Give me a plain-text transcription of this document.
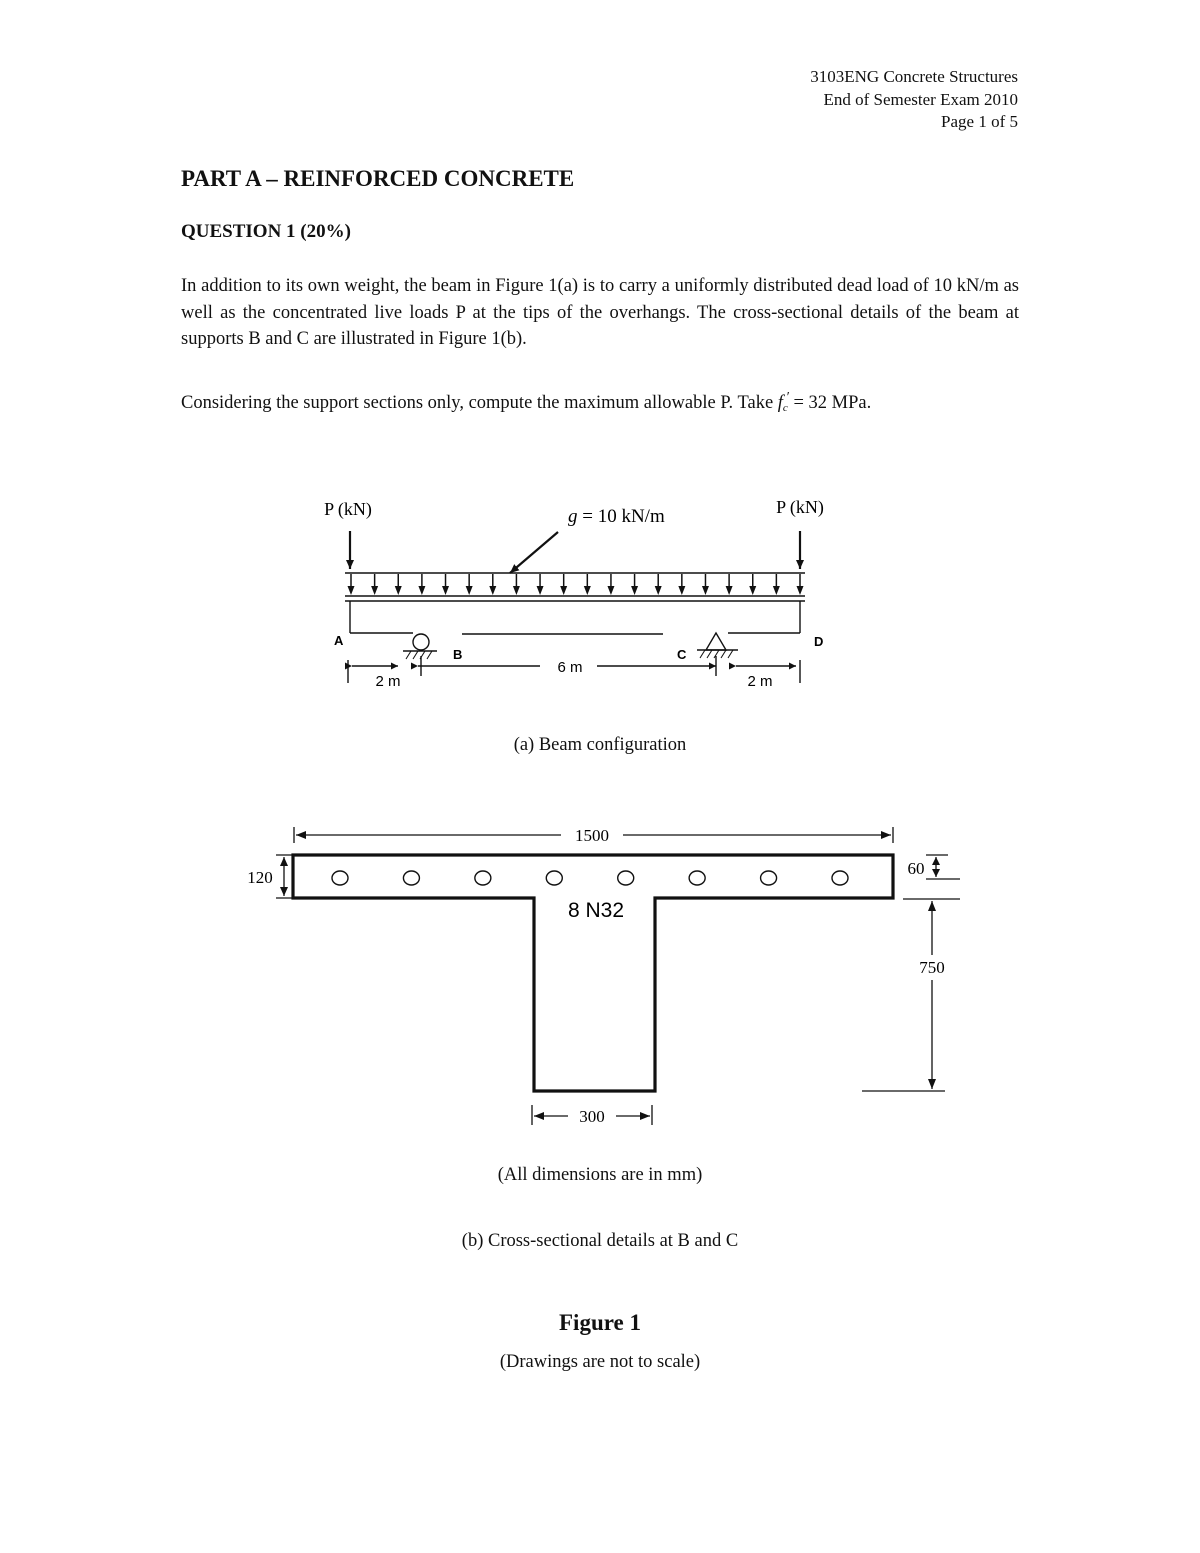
3103ENG Concrete Structures
End of Semester Exam 2010
Page 1 of 5
PART A – REINFORCED CONCRETE
QUESTION 1 (20%)
In addition to its own weight, the beam in Figure 1(a) is to carry a uniformly distributed dead load of 10 kN/m as well as the concentrated live loads P at the tips of the overhangs. The cross-sectional details of the beam at supports B and C are illustrated in Figure 1(b).
Considering the support sections only, compute the maximum allowable P. Take $f_c' = 32$ MPa.
P (kN)	P (kN)
g = 10 kN/m
A
B	C
D
2 m
6 m
2 m
(a) Beam configuration
8 N32
1500
120	60
750
300
(All dimensions are in mm)
(b) Cross-sectional details at B and C
Figure 1
(Drawings are not to scale)
